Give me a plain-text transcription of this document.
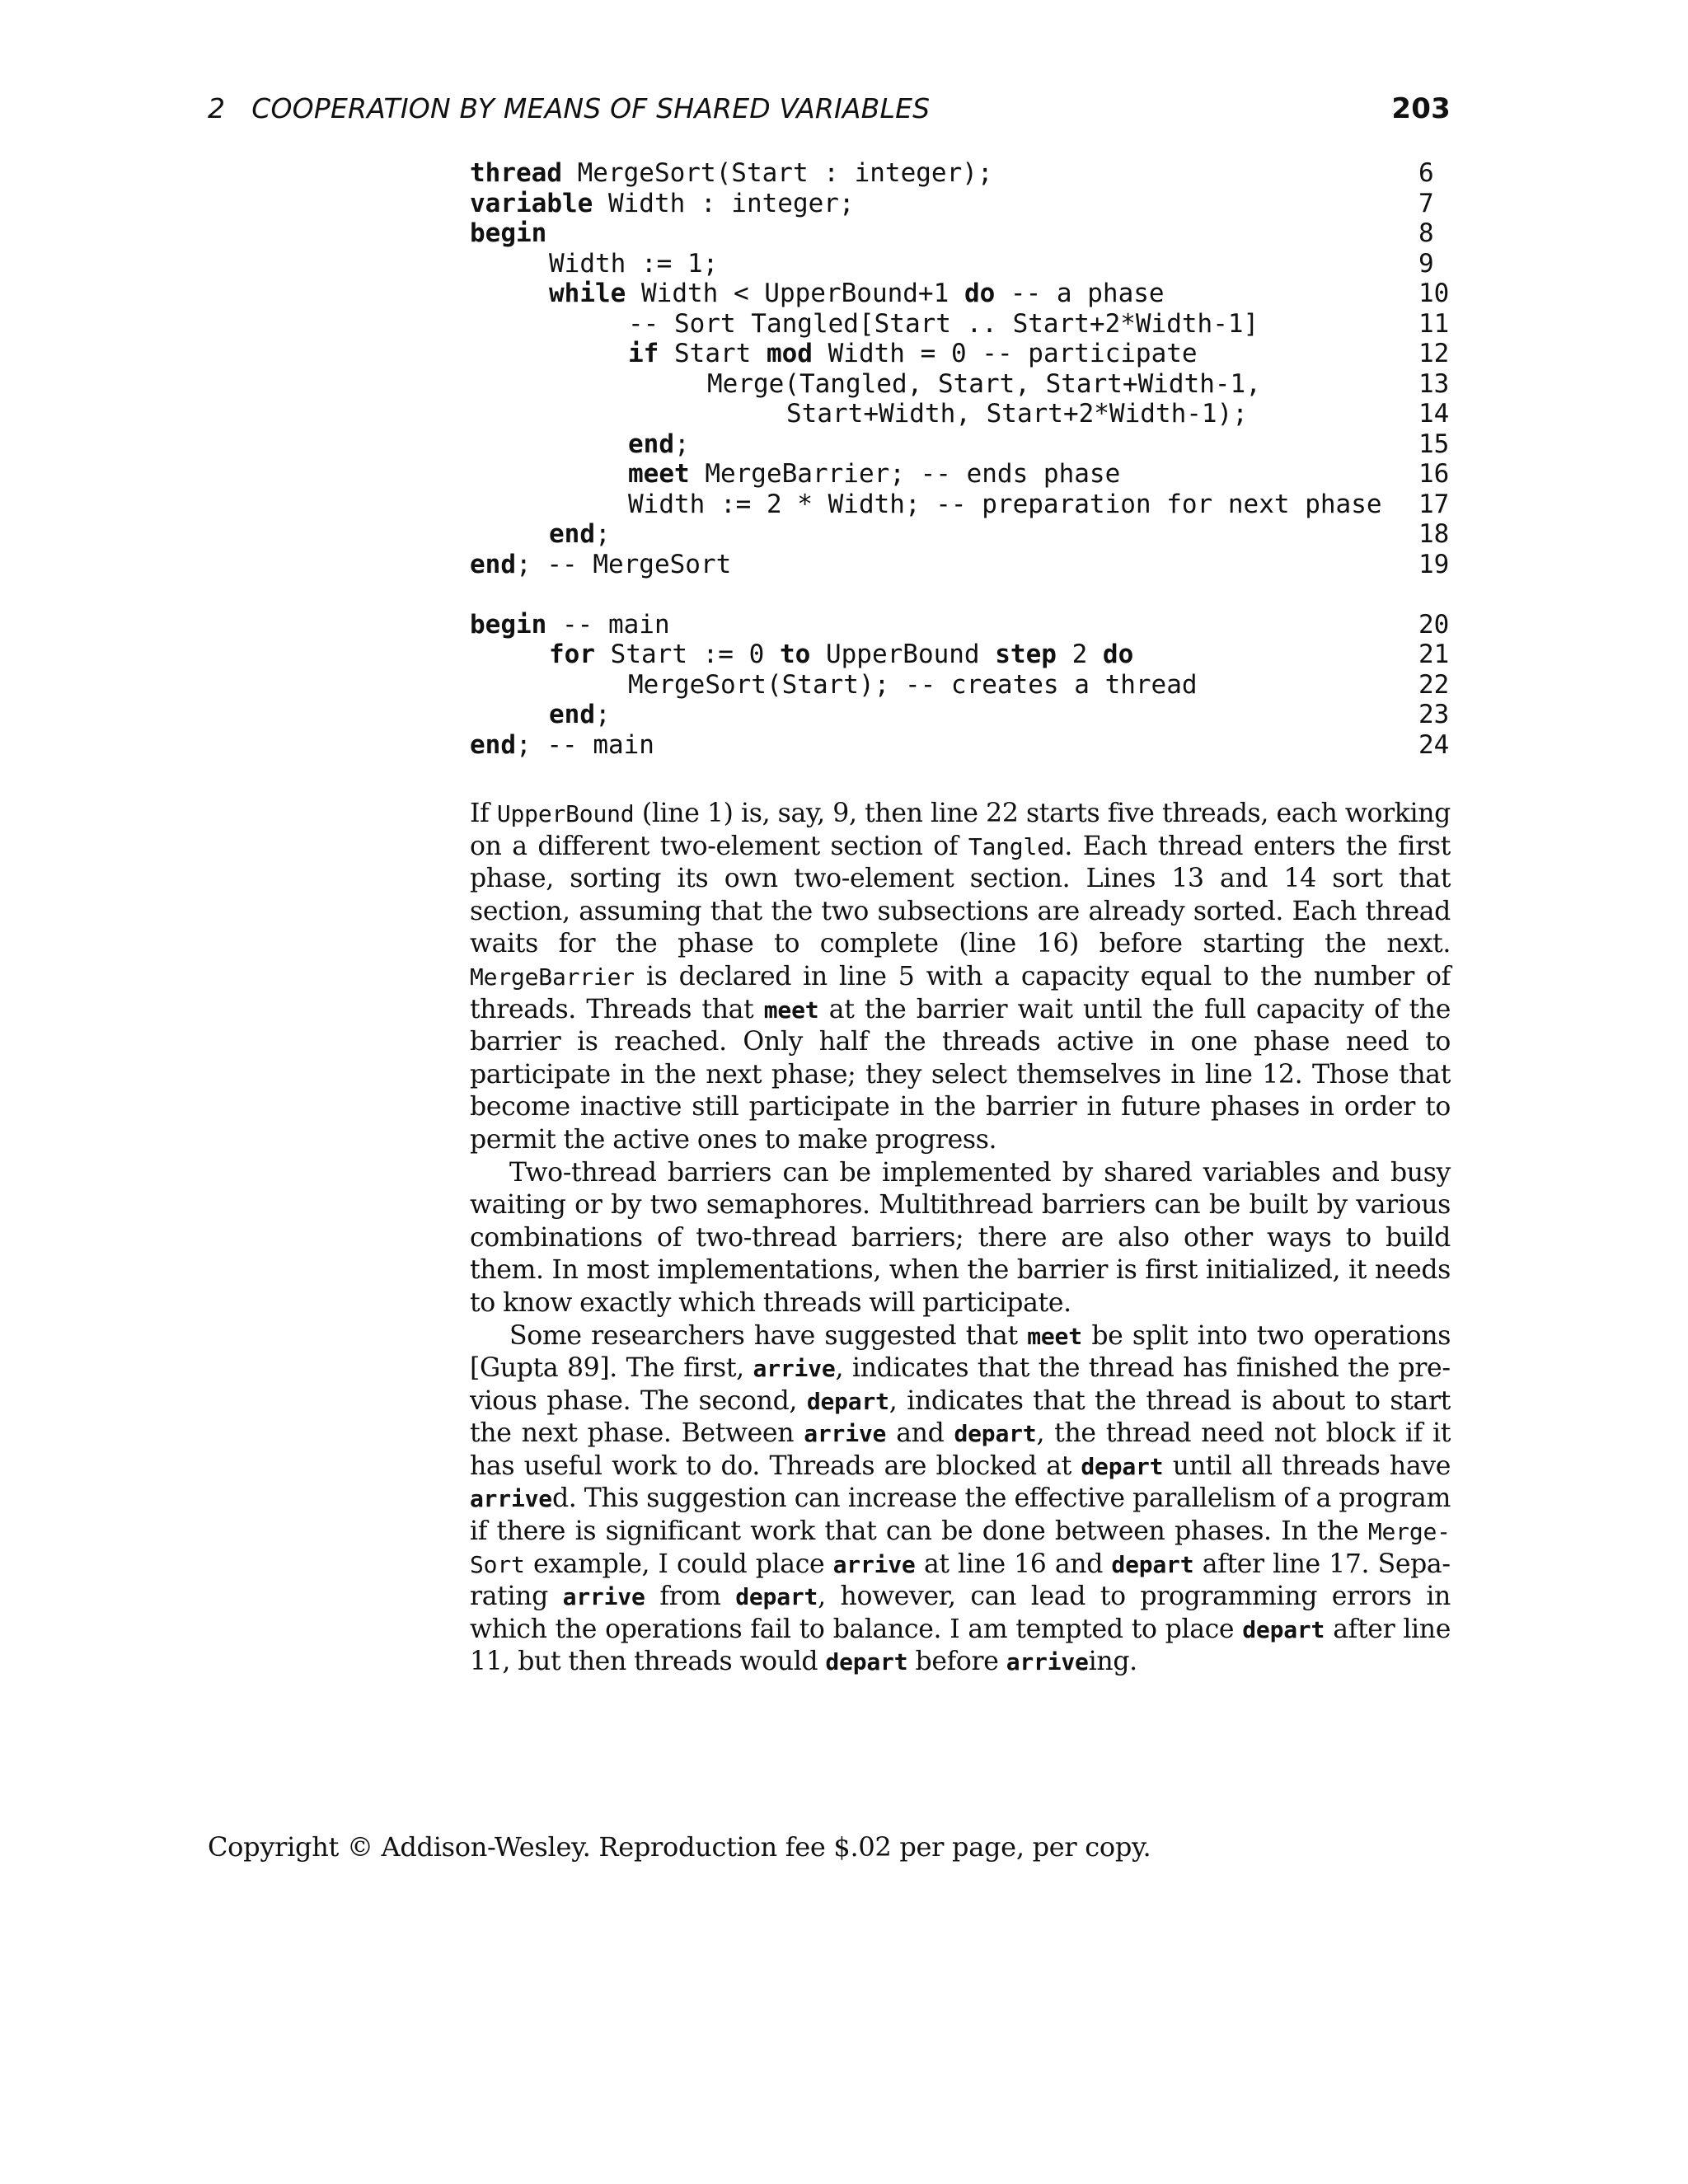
2   COOPERATION BY MEANS OF SHARED VARIABLES	203
thread MergeSort(Start : integer);	6
variable Width : integer;	7
begin	8
Width := 1;	9
while Width < UpperBound+1 do -- a phase	10
-- Sort Tangled[Start .. Start+2*Width-1]	11
if Start mod Width = 0 -- participate	12
Merge(Tangled, Start, Start+Width-1,	13
Start+Width, Start+2*Width-1);	14
end;	15
meet MergeBarrier; -- ends phase	16
Width := 2 * Width; -- preparation for next phase 17
end;	18
end; -- MergeSort	19
begin -- main	20
for Start := 0 to UpperBound step 2 do	21
MergeSort(Start); -- creates a thread	22
end;	23
end; -- main	24

If UpperBound (line 1) is, say, 9, then line 22 starts five threads, each working on a different two-element section of Tangled. Each thread enters the first phase, sorting its own two-element section. Lines 13 and 14 sort that section, assuming that the two subsections are already sorted. Each thread waits for the phase to complete (line 16) before starting the next. MergeBarrier is declared in line 5 with a capacity equal to the number of threads. Threads that meet at the barrier wait until the full capacity of the barrier is reached. Only half the threads active in one phase need to participate in the next phase; they select themselves in line 12. Those that become inactive still participate in the barrier in future phases in order to permit the active ones to make progress.

Two-thread barriers can be implemented by shared variables and busy waiting or by two semaphores. Multithread barriers can be built by various combinations of two-thread barriers; there are also other ways to build them. In most implementations, when the barrier is first initialized, it needs to know exactly which threads will participate.

Some researchers have suggested that meet be split into two operations [Gupta 89]. The first, arrive, indicates that the thread has finished the previous phase. The second, depart, indicates that the thread is about to start the next phase. Between arrive and depart, the thread need not block if it has useful work to do. Threads are blocked at depart until all threads have arrived. This suggestion can increase the effective parallelism of a program if there is significant work that can be done between phases. In the MergeSort example, I could place arrive at line 16 and depart after line 17. Separating arrive from depart, however, can lead to programming errors in which the operations fail to balance. I am tempted to place depart after line 11, but then threads would depart before arriveing.

Copyright © Addison-Wesley. Reproduction fee $.02 per page, per copy.
